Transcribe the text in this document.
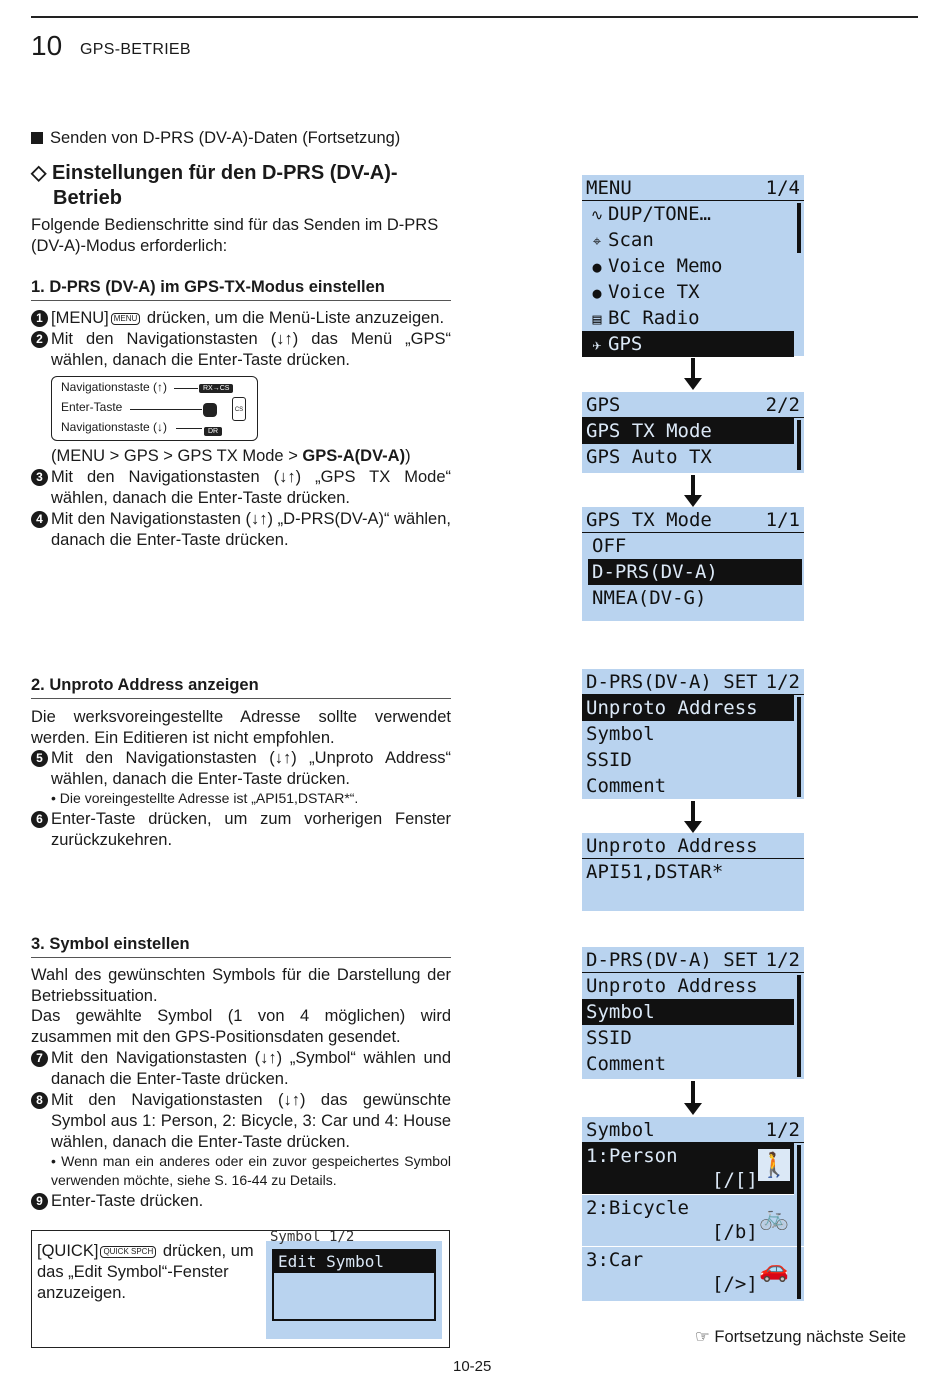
10 GPS-BETRIEB
Senden von D-PRS (DV-A)-Daten (Fortsetzung)
◇ Einstellungen für den D-PRS (DV-A)-
Betrieb
Folgende Bedienschritte sind für das Senden im D-PRS (DV-A)-Modus erforderlich:
1. D-PRS (DV-A) im GPS-TX-Modus einstellen
1 [MENU] MENU drücken, um die Menü-Liste anzuzeigen.
2 Mit den Navigationstasten (↓↑) das Menü „GPS“ wählen, danach die Enter-Taste drücken.
Navigationstaste (↑)
Enter-Taste
Navigationstaste (↓)
RX→CS
DR
CS
(MENU > GPS > GPS TX Mode > GPS-A(DV-A))
3 Mit den Navigationstasten (↓↑) „GPS TX Mode“ wählen, danach die Enter-Taste drücken.
4 Mit den Navigationstasten (↓↑) „D-PRS(DV-A)“ wählen, danach die Enter-Taste drücken.
2. Unproto Address anzeigen
Die werksvoreingestellte Adresse sollte verwendet werden. Ein Editieren ist nicht empfohlen.
5 Mit den Navigationstasten (↓↑) „Unproto Address“ wählen, danach die Enter-Taste drücken.
• Die voreingestellte Adresse ist „API51,DSTAR*“.
6 Enter-Taste drücken, um zum vorherigen Fenster zurückzukehren.
3. Symbol einstellen
Wahl des gewünschten Symbols für die Darstellung der Betriebssituation.
Das gewählte Symbol (1 von 4 möglichen) wird zusammen mit den GPS-Positionsdaten gesendet.
7 Mit den Navigationstasten (↓↑) „Symbol“ wählen und danach die Enter-Taste drücken.
8 Mit den Navigationstasten (↓↑) das gewünschte Symbol aus 1: Person, 2: Bicycle, 3: Car und 4: House wählen, danach die Enter-Taste drücken.
• Wenn man ein anderes oder ein zuvor gespeichertes Symbol verwenden möchte, siehe S. 16-44 zu Details.
9 Enter-Taste drücken.
[QUICK] QUICK SPCH drücken, um das „Edit Symbol“-Fenster anzuzeigen.
Symbol 1/2
Edit Symbol
MENU	1/4
∿ DUP/TONE…
⌖ Scan
● Voice Memo
● Voice TX
▤ BC Radio
✈ GPS
GPS	2/2
GPS TX Mode
GPS Auto TX
GPS TX Mode	1/1
OFF
D-PRS(DV-A)
NMEA(DV-G)
D-PRS(DV-A) SET 1/2
Unproto Address
Symbol
SSID
Comment
Unproto Address
API51,DSTAR*
D-PRS(DV-A) SET 1/2
Unproto Address
Symbol
SSID
Comment
Symbol	1/2
1:Person
[/[]
🚶
2:Bicycle
[/b]
🚲
3:Car
[/>]
🚗
☞ Fortsetzung nächste Seite
10-25
